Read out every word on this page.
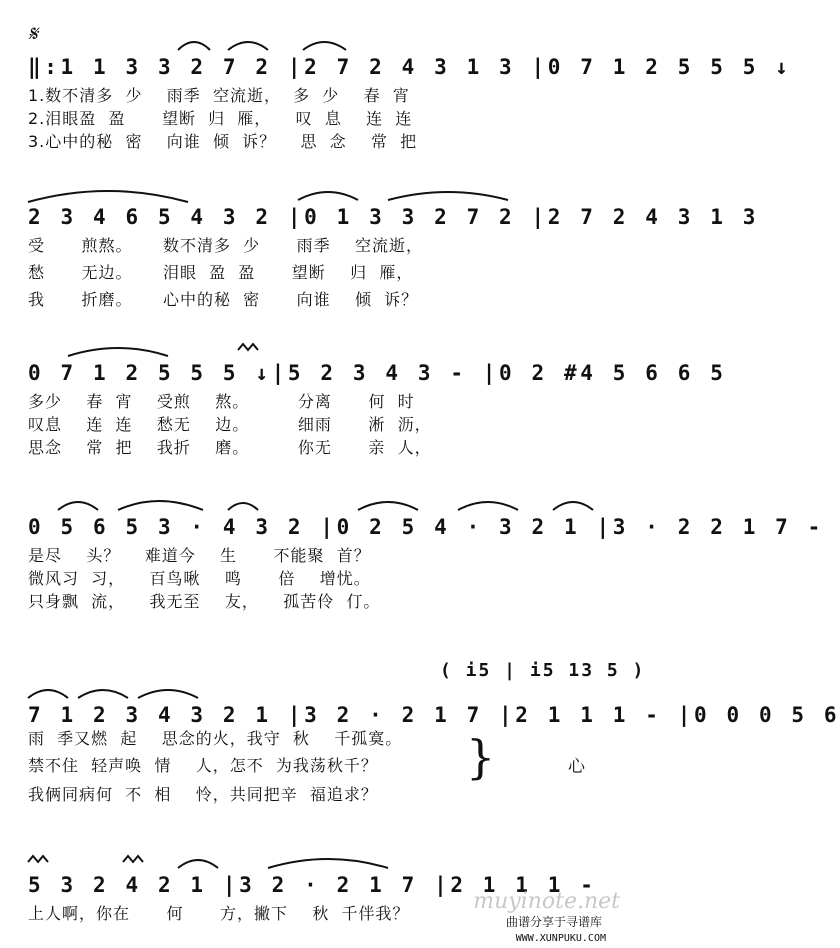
𝄋
‖:1 1 3 3 2 7 2 |2 7 2 4 3 1 3 |0 7 1 2 5 5 5 ↓
1.数不清多  少    雨季  空流逝，  多  少    春  宵
2.泪眼盈  盈      望断  归  雁，    叹  息    连  连
3.心中的秘  密    向谁  倾  诉？    思  念    常  把
2 3 4 6 5 4 3 2 |0 1 3 3 2 7 2 |2 7 2 4 3 1 3
受      煎熬。     数不清多  少      雨季    空流逝，
愁      无边。     泪眼  盈  盈      望断    归  雁，
我      折磨。     心中的秘  密      向谁    倾  诉？
0 7 1 2 5 5 5 ↓|5 2 3 4 3 - |0 2 #4 5 6 6 5
多少    春  宵    受煎    熬。        分离      何  时
叹息    连  连    愁无    边。        细雨      淅  沥，
思念    常  把    我折    磨。        你无      亲  人，
0 5 6 5 3 · 4 3 2 |0 2 5 4 · 3 2 1 |3 · 2 2 1 7 -
是尽    头？    难道今    生      不能聚  首？
微风习  习，    百鸟啾    鸣      倍    增忧。
只身飘  流，    我无至    友，    孤苦伶  仃。
( i5 | i5 13 5 )
7 1 2 3 4 3 2 1 |3 2 · 2 1 7 |2 1 1 1 - |0 0 0 5 6
雨  季又燃  起    思念的火，我守  秋    千孤寞。
禁不住  轻声唤  情    人，怎不  为我荡秋千？
我俩同病何  不  相    怜，共同把辛  福追求？
}	心
5 3 2 4 2 1 |3 2 · 2 1 7 |2 1 1 1 -
上人啊，你在      何      方，撇下    秋  千伴我？	muyinote.net
曲谱分享于寻谱库
WWW.XUNPUKU.COM
